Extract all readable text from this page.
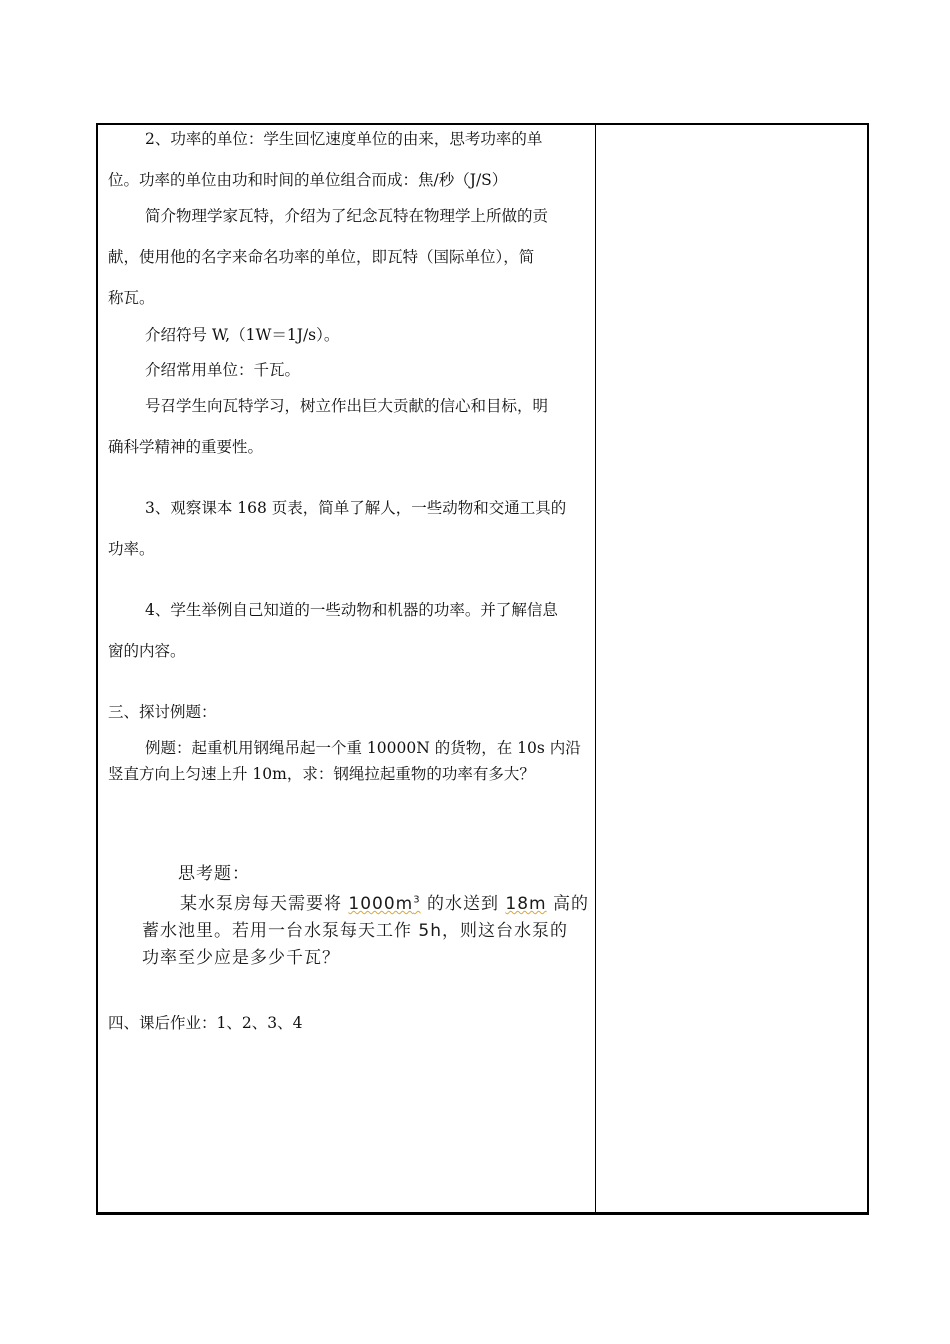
2、功率的单位：学生回忆速度单位的由来，思考功率的单
位。功率的单位由功和时间的单位组合而成：焦/秒（J/S）
简介物理学家瓦特，介绍为了纪念瓦特在物理学上所做的贡
献，使用他的名字来命名功率的单位，即瓦特（国际单位），简
称瓦。
介绍符号 W,（1W＝1J/s）。
介绍常用单位：千瓦。
号召学生向瓦特学习，树立作出巨大贡献的信心和目标，明
确科学精神的重要性。
3、观察课本 168 页表，简单了解人，一些动物和交通工具的
功率。
4、学生举例自己知道的一些动物和机器的功率。并了解信息
窗的内容。
三、探讨例题：
例题：起重机用钢绳吊起一个重 10000N 的货物，在 10s 内沿
竖直方向上匀速上升 10m，求：钢绳拉起重物的功率有多大？
思考题：
某水泵房每天需要将 $1000m^3$ 的水送到 18m 高的
蓄水池里。若用一台水泵每天工作 5h，则这台水泵的
功率至少应是多少千瓦？
四、课后作业：1、2、3、4
